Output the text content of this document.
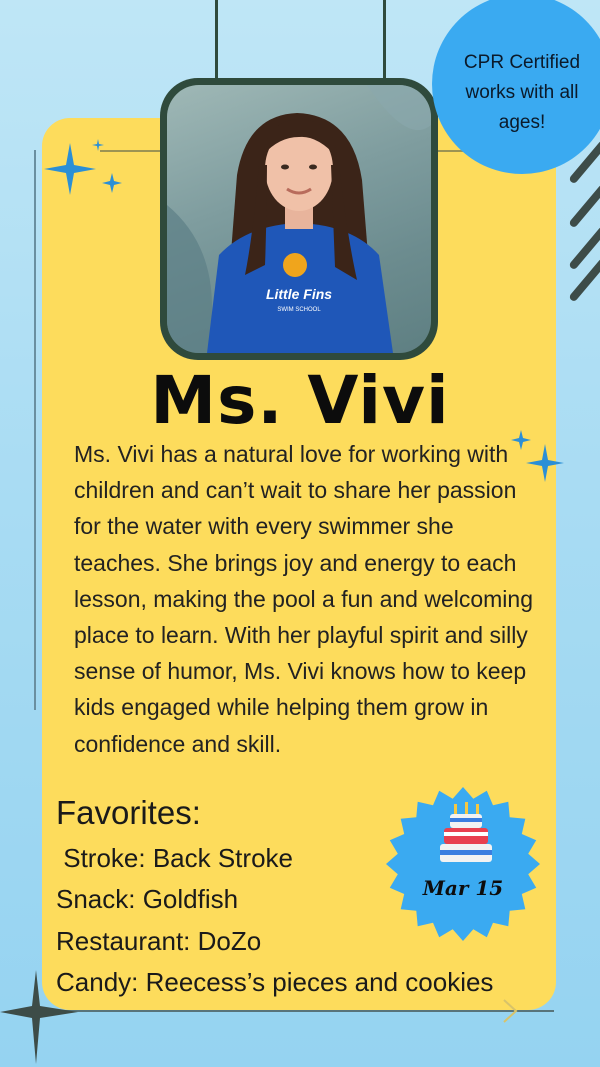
Little Fins
SWIM SCHOOL
CPR Certified works with all ages!
Ms. Vivi
Ms. Vivi has a natural love for working with children and can’t wait to share her passion for the water with every swimmer she teaches. She brings joy and energy to each lesson, making the pool a fun and welcoming place to learn. With her playful spirit and silly sense of humor, Ms. Vivi knows how to keep kids engaged while helping them grow in confidence and skill.
Favorites:
Stroke: Back Stroke
Snack: Goldfish
Restaurant: DoZo
Candy: Reecess’s pieces and cookies
Mar 15
